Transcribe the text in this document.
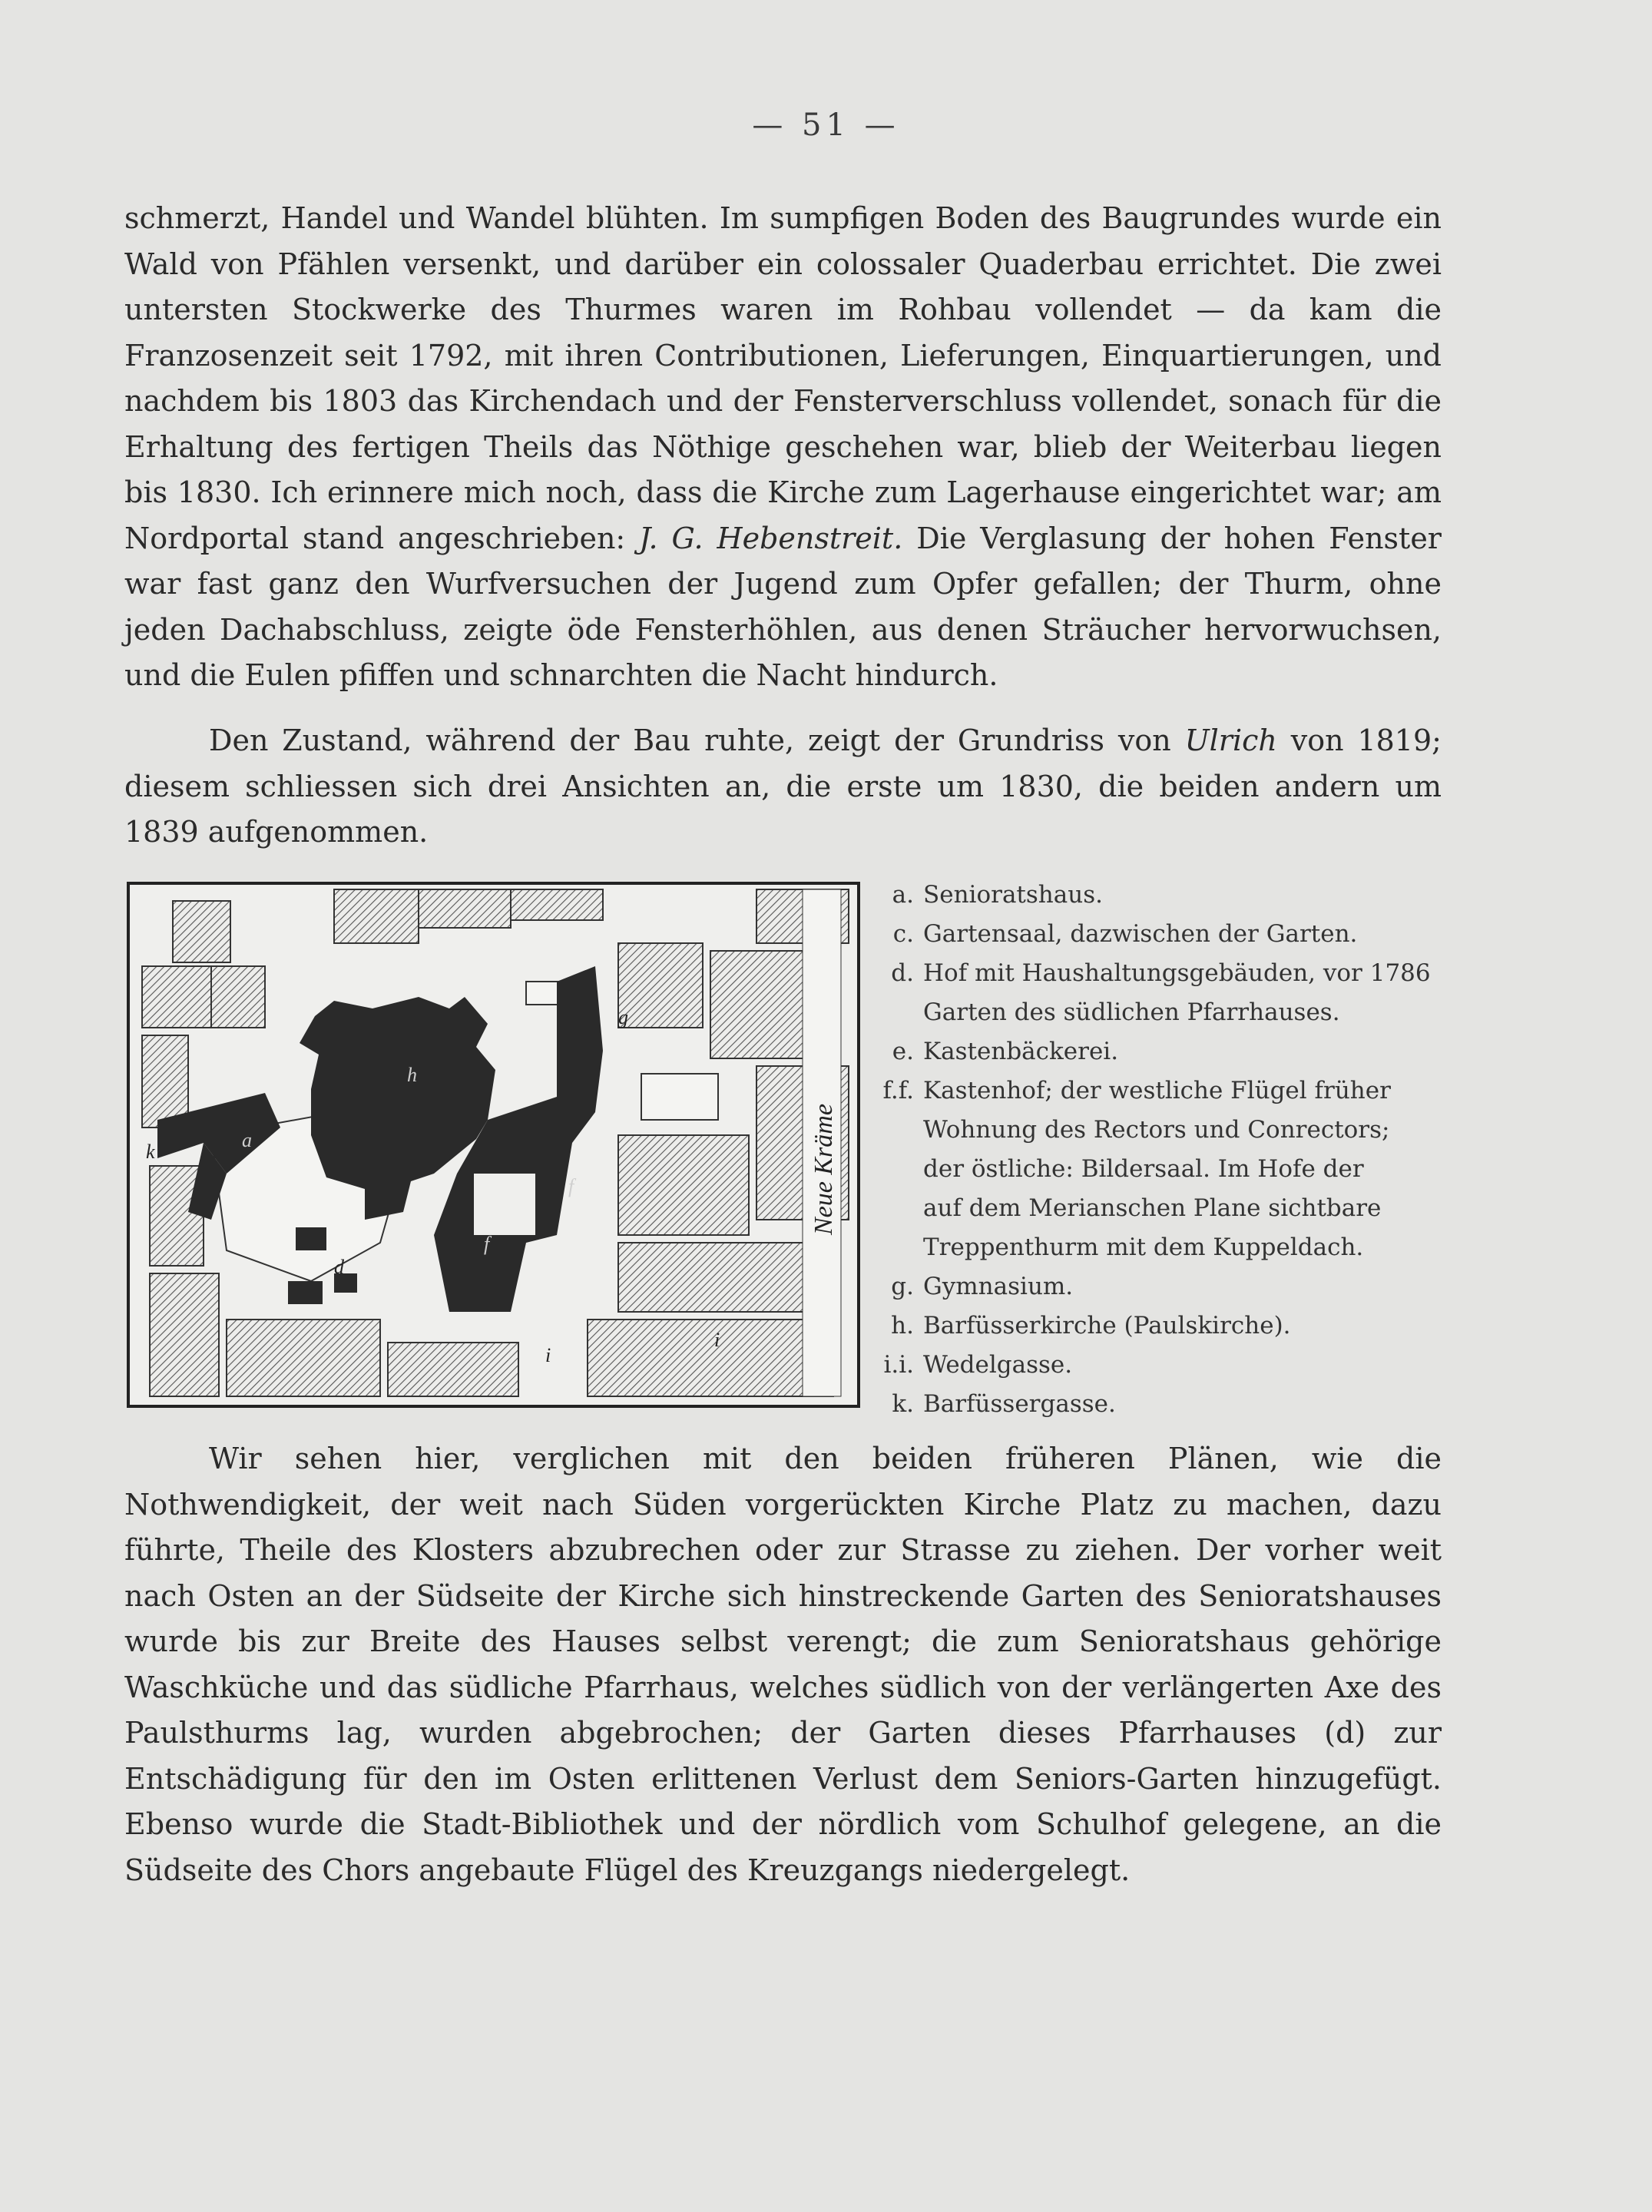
— 51 —

schmerzt, Handel und Wandel blühten. Im sumpfigen Boden des Baugrundes wurde ein Wald von Pfählen versenkt, und darüber ein colossaler Quaderbau errichtet. Die zwei untersten Stockwerke des Thurmes waren im Rohbau vollendet — da kam die Franzosenzeit seit 1792, mit ihren Contributionen, Lieferungen, Einquartierungen, und nachdem bis 1803 das Kirchendach und der Fensterverschluss vollendet, sonach für die Erhaltung des fertigen Theils das Nöthige geschehen war, blieb der Weiterbau liegen bis 1830. Ich erinnere mich noch, dass die Kirche zum Lagerhause eingerichtet war; am Nordportal stand angeschrieben: J. G. Hebenstreit. Die Verglasung der hohen Fenster war fast ganz den Wurfversuchen der Jugend zum Opfer gefallen; der Thurm, ohne jeden Dachabschluss, zeigte öde Fensterhöhlen, aus denen Sträucher hervorwuchsen, und die Eulen pfiffen und schnarchten die Nacht hindurch.

Den Zustand, während der Bau ruhte, zeigt der Grundriss von Ulrich von 1819; diesem schliessen sich drei Ansichten an, die erste um 1830, die beiden andern um 1839 aufgenommen.

Neue Kräme
h
a
d
f
f
g
i
i
k
a. Senioratshaus.
c. Gartensaal, dazwischen der Garten.
d. Hof mit Haushaltungsgebäuden, vor 1786
Garten des südlichen Pfarrhauses.
e. Kastenbäckerei.
f.f. Kastenhof; der westliche Flügel früher
Wohnung des Rectors und Conrectors;
der östliche: Bildersaal. Im Hofe der
auf dem Merianschen Plane sichtbare
Treppenthurm mit dem Kuppeldach.
g. Gymnasium.
h. Barfüsserkirche (Paulskirche).
i.i. Wedelgasse.
k. Barfüssergasse.

Wir sehen hier, verglichen mit den beiden früheren Plänen, wie die Nothwendigkeit, der weit nach Süden vorgerückten Kirche Platz zu machen, dazu führte, Theile des Klosters abzubrechen oder zur Strasse zu ziehen. Der vorher weit nach Osten an der Südseite der Kirche sich hinstreckende Garten des Senioratshauses wurde bis zur Breite des Hauses selbst verengt; die zum Senioratshaus gehörige Waschküche und das südliche Pfarrhaus, welches südlich von der verlängerten Axe des Paulsthurms lag, wurden abgebrochen; der Garten dieses Pfarrhauses (d) zur Entschädigung für den im Osten erlittenen Verlust dem Seniors-Garten hinzugefügt. Ebenso wurde die Stadt-Bibliothek und der nördlich vom Schulhof gelegene, an die Südseite des Chors angebaute Flügel des Kreuzgangs niedergelegt.
